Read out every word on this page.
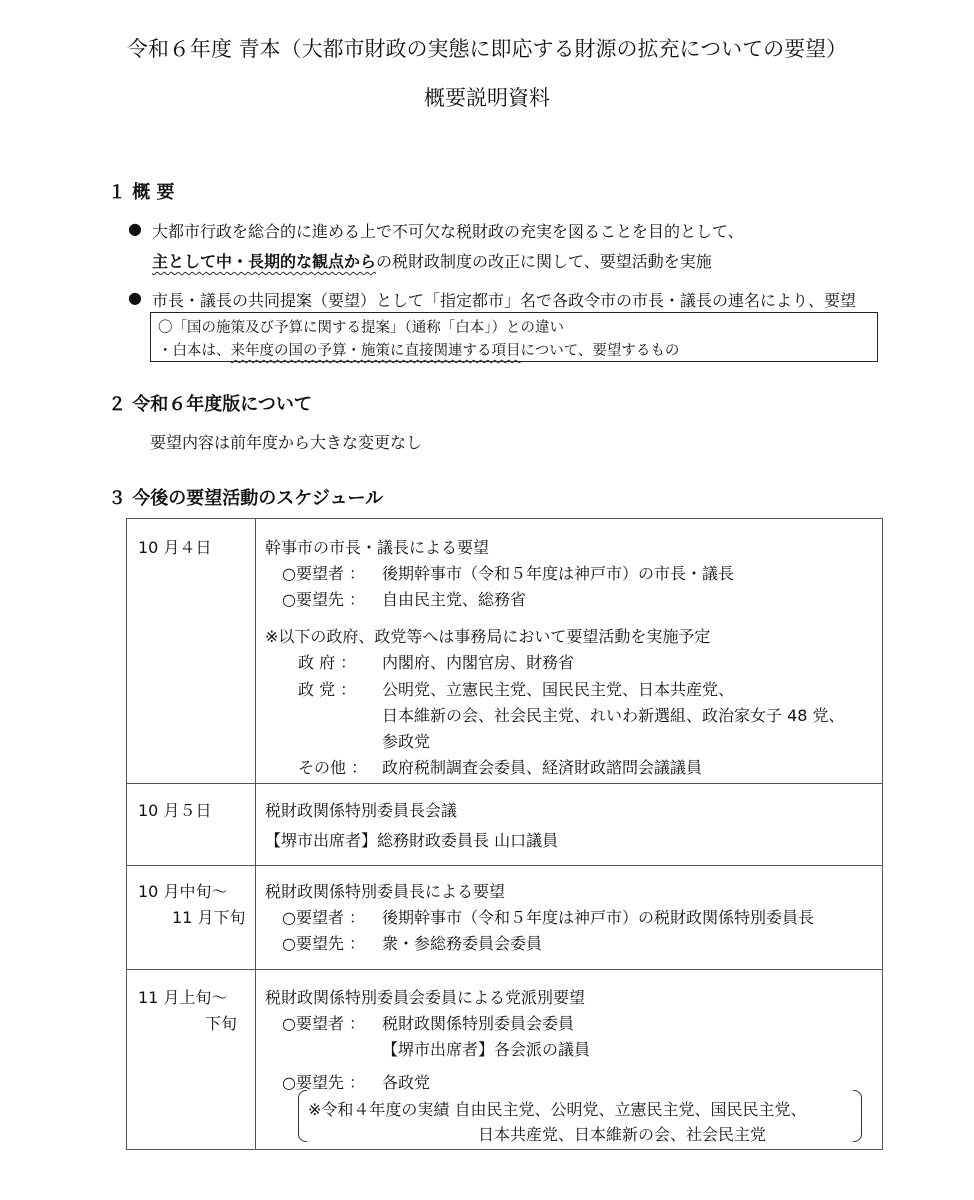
令和６年度 青本（大都市財政の実態に即応する財源の拡充についての要望）
概要説明資料
１ 概 要
● 大都市行政を総合的に進める上で不可欠な税財政の充実を図ることを目的として、
主として中・長期的な観点からの税財政制度の改正に関して、要望活動を実施
● 市長・議長の共同提案（要望）として「指定都市」名で各政令市の市長・議長の連名により、要望
〇「国の施策及び予算に関する提案」（通称「白本」）との違い
・白本は、来年度の国の予算・施策に直接関連する項目について、要望するもの
２ 令和６年度版について
要望内容は前年度から大きな変更なし
３ 今後の要望活動のスケジュール
10 月４日	幹事市の市長・議長による要望
○要望者 ： 後期幹事市（令和５年度は神戸市）の市長・議長
○要望先 ： 自由民主党、総務省
※以下の政府、政党等へは事務局において要望活動を実施予定
政 府 ： 内閣府、内閣官房、財務省
政 党 ： 公明党、立憲民主党、国民民主党、日本共産党、
日本維新の会、社会民主党、れいわ新選組、政治家女子 48 党、
参政党
その他 ： 政府税制調査会委員、経済財政諮問会議議員
10 月５日	税財政関係特別委員長会議
【堺市出席者】総務財政委員長 山口議員
10 月中旬～
11 月下旬
税財政関係特別委員長による要望
○要望者 ： 後期幹事市（令和５年度は神戸市）の税財政関係特別委員長
○要望先 ： 衆・参総務委員会委員
11 月上旬～
下旬
税財政関係特別委員会委員による党派別要望
○要望者 ： 税財政関係特別委員会委員
【堺市出席者】各会派の議員
○要望先 ： 各政党
※令和４年度の実績 自由民主党、公明党、立憲民主党、国民民主党、
日本共産党、日本維新の会、社会民主党
